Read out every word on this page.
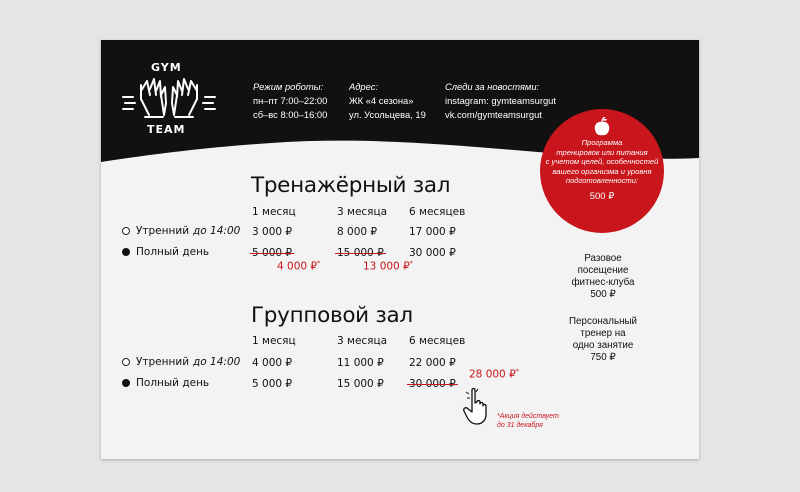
GYM
TEAM
Режим роботы:
пн–пт 7:00–22:00
сб–вс 8:00–16:00
Адрес:
ЖК «4 сезона»
ул. Усольцева, 19
Следи за новостями:
instagram: gymteamsurgut
vk.com/gymteamsurgut
Программа
тренировок или питания
с учетом целей, особенностей
вашего организма и уровня
подготовленности:
500 ₽
Тренажёрный зал
1 месяц	3 месяца 6 месяцев
Утренний до 14:00 3 000 ₽	8 000 ₽	17 000 ₽
Полный день	5 000 ₽	15 000 ₽ 30 000 ₽
4 000 ₽*	13 000 ₽*
Групповой зал
1 месяц	3 месяца 6 месяцев
Утренний до 14:00 4 000 ₽	11 000 ₽ 22 000 ₽
Полный день	5 000 ₽	15 000 ₽ 30 000 ₽
28 000 ₽*
*Акция действует
до 31 декабря
Разовое
посещение
фитнес-клуба
500 ₽
Персональный
тренер на
одно занятие
750 ₽
